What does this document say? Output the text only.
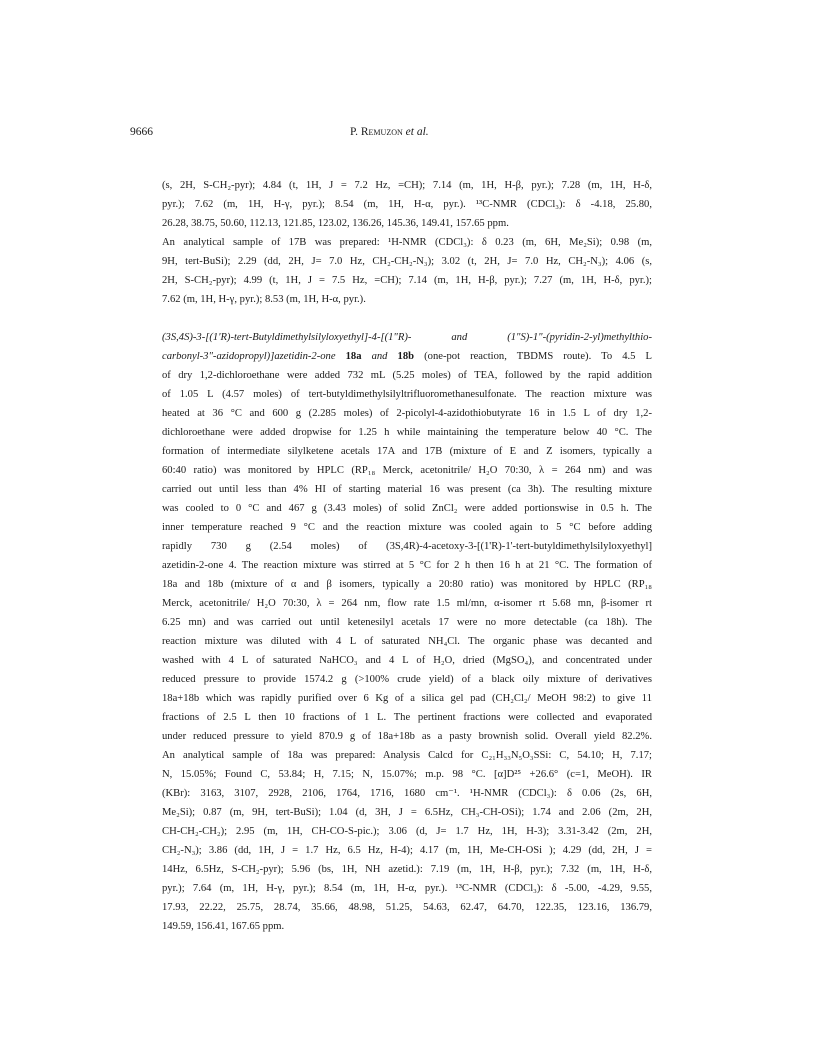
9666	P. Remuzon et al.

(s, 2H, S-CH₂-pyr); 4.84 (t, 1H, J = 7.2 Hz, =CH); 7.14 (m, 1H, H-β, pyr.); 7.28 (m, 1H, H-δ,
pyr.); 7.62 (m, 1H, H-γ, pyr.); 8.54 (m, 1H, H-α, pyr.). ¹³C-NMR (CDCl₃): δ -4.18, 25.80,
26.28, 38.75, 50.60, 112.13, 121.85, 123.02, 136.26, 145.36, 149.41, 157.65 ppm.

An analytical sample of 17B was prepared: ¹H-NMR (CDCl₃): δ 0.23 (m, 6H, Me₂Si); 0.98 (m,
9H, tert-BuSi); 2.29 (dd, 2H, J= 7.0 Hz, CH₂-CH₂-N₃); 3.02 (t, 2H, J= 7.0 Hz, CH₂-N₃); 4.06 (s,
2H, S-CH₂-pyr); 4.99 (t, 1H, J = 7.5 Hz, =CH); 7.14 (m, 1H, H-β, pyr.); 7.27 (m, 1H, H-δ, pyr.);
7.62 (m, 1H, H-γ, pyr.); 8.53 (m, 1H, H-α, pyr.).

(3S,4S)-3-[(1'R)-tert-Butyldimethylsilyloxyethyl]-4-[(1"R)- and (1"S)-1"-(pyridin-2-yl)methylthio-
carbonyl-3"-azidopropyl)]azetidin-2-one 18a and 18b (one-pot reaction, TBDMS route). To 4.5 L
of dry 1,2-dichloroethane were added 732 mL (5.25 moles) of TEA, followed by the rapid addition
of 1.05 L (4.57 moles) of tert-butyldimethylsilyltrifluoromethanesulfonate. The reaction mixture was
heated at 36 °C and 600 g (2.285 moles) of 2-picolyl-4-azidothiobutyrate 16 in 1.5 L of dry 1,2-
dichloroethane were added dropwise for 1.25 h while maintaining the temperature below 40 °C. The
formation of intermediate silylketene acetals 17A and 17B (mixture of E and Z isomers, typically a
60:40 ratio) was monitored by HPLC (RP₁₈ Merck, acetonitrile/ H₂O 70:30, λ = 264 nm) and was
carried out until less than 4% HI of starting material 16 was present (ca 3h). The resulting mixture
was cooled to 0 °C and 467 g (3.43 moles) of solid ZnCl₂ were added portionswise in 0.5 h. The
inner temperature reached 9 °C and the reaction mixture was cooled again to 5 °C before adding
rapidly 730 g (2.54 moles) of (3S,4R)-4-acetoxy-3-[(1'R)-1'-tert-butyldimethylsilyloxyethyl]
azetidin-2-one 4. The reaction mixture was stirred at 5 °C for 2 h then 16 h at 21 °C. The formation of
18a and 18b (mixture of α and β isomers, typically a 20:80 ratio) was monitored by HPLC (RP₁₈
Merck, acetonitrile/ H₂O 70:30, λ = 264 nm, flow rate 1.5 ml/mn, α-isomer rt 5.68 mn, β-isomer rt
6.25 mn) and was carried out until ketenesilyl acetals 17 were no more detectable (ca 18h). The
reaction mixture was diluted with 4 L of saturated NH₄Cl. The organic phase was decanted and
washed with 4 L of saturated NaHCO₃ and 4 L of H₂O, dried (MgSO₄), and concentrated under
reduced pressure to provide 1574.2 g (>100% crude yield) of a black oily mixture of derivatives
18a+18b which was rapidly purified over 6 Kg of a silica gel pad (CH₂Cl₂/ MeOH 98:2) to give 11
fractions of 2.5 L then 10 fractions of 1 L. The pertinent fractions were collected and evaporated
under reduced pressure to yield 870.9 g of 18a+18b as a pasty brownish solid. Overall yield 82.2%.
An analytical sample of 18a was prepared: Analysis Calcd for C₂₁H₃₃N₅O₃SSi: C, 54.10; H, 7.17;
N, 15.05%; Found C, 53.84; H, 7.15; N, 15.07%; m.p. 98 °C. [α]D²⁵ +26.6° (c=1, MeOH). IR
(KBr): 3163, 3107, 2928, 2106, 1764, 1716, 1680 cm⁻¹. ¹H-NMR (CDCl₃): δ 0.06 (2s, 6H,
Me₂Si); 0.87 (m, 9H, tert-BuSi); 1.04 (d, 3H, J = 6.5Hz, CH₃-CH-OSi); 1.74 and 2.06 (2m, 2H,
CH-CH₂-CH₂); 2.95 (m, 1H, CH-CO-S-pic.); 3.06 (d, J= 1.7 Hz, 1H, H-3); 3.31-3.42 (2m, 2H,
CH₂-N₃); 3.86 (dd, 1H, J = 1.7 Hz, 6.5 Hz, H-4); 4.17 (m, 1H, Me-CH-OSi ); 4.29 (dd, 2H, J =
14Hz, 6.5Hz, S-CH₂-pyr); 5.96 (bs, 1H, NH azetid.): 7.19 (m, 1H, H-β, pyr.); 7.32 (m, 1H, H-δ,
pyr.); 7.64 (m, 1H, H-γ, pyr.); 8.54 (m, 1H, H-α, pyr.). ¹³C-NMR (CDCl₃): δ -5.00, -4.29, 9.55,
17.93, 22.22, 25.75, 28.74, 35.66, 48.98, 51.25, 54.63, 62.47, 64.70, 122.35, 123.16, 136.79,
149.59, 156.41, 167.65 ppm.
